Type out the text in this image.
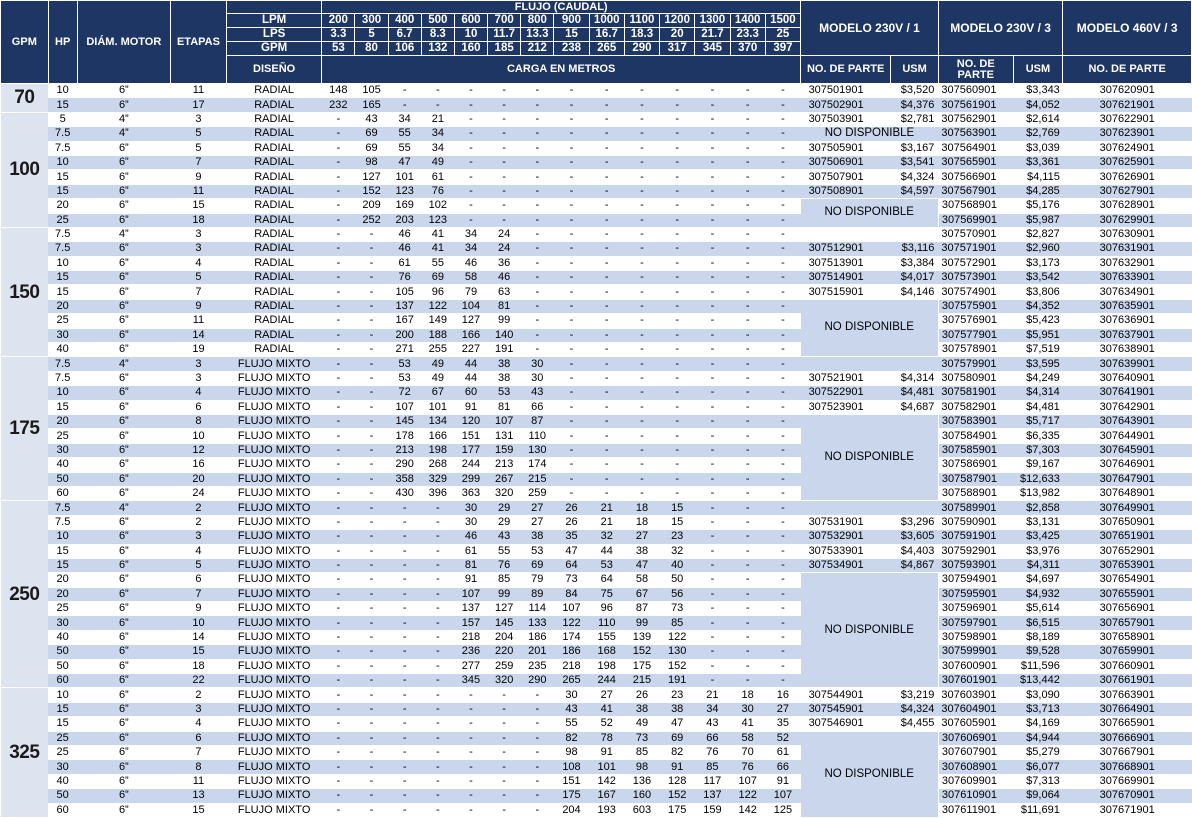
GPM	HP	DIÁM. MOTOR	ETAPAS		FLUJO (CAUDAL)														MODELO 230V / 1		MODELO 230V / 3		MODELO 460V / 3
				LPM	200	300	400	500	600	700	800	900	1000	1100	1200	1300	1400	1500					
				LPS	3.3	5	6.7	8.3	10	11.7	13.3	15	16.7	18.3	20	21.7	23.3	25					
				GPM	53	80	106	132	160	185	212	238	265	290	317	345	370	397					
				DISEÑO	CARGA EN METROS														NO. DE PARTE	USM	NO. DE PARTE	USM	NO. DE PARTE
70	10	6”	11	RADIAL	148	105	-	-	-	-	-	-	-	-	-	-	-	-	307501901	$3,520	307560901	$3,343	307620901
	15	6”	17	RADIAL	232	165	-	-	-	-	-	-	-	-	-	-	-	-	307502901	$4,376	307561901	$4,052	307621901
100	5	4”	3	RADIAL	-	43	34	21	-	-	-	-	-	-	-	-	-	-	307503901	$2,781	307562901	$2,614	307622901
	7.5	4”	5	RADIAL	-	69	55	34	-	-	-	-	-	-	-	-	-	-	NO DISPONIBLE		307563901	$2,769	307623901
	7.5	6”	5	RADIAL	-	69	55	34	-	-	-	-	-	-	-	-	-	-	307505901	$3,167	307564901	$3,039	307624901
	10	6”	7	RADIAL	-	98	47	49	-	-	-	-	-	-	-	-	-	-	307506901	$3,541	307565901	$3,361	307625901
	15	6”	9	RADIAL	-	127	101	61	-	-	-	-	-	-	-	-	-	-	307507901	$4,324	307566901	$4,115	307626901
	15	6”	11	RADIAL	-	152	123	76	-	-	-	-	-	-	-	-	-	-	307508901	$4,597	307567901	$4,285	307627901
	20	6”	15	RADIAL	-	209	169	102	-	-	-	-	-	-	-	-	-	-	NO DISPONIBLE		307568901	$5,176	307628901
	25	6”	18	RADIAL	-	252	203	123	-	-	-	-	-	-	-	-	-	-			307569901	$5,987	307629901
150	7.5	4”	3	RADIAL	-	-	46	41	34	24	-	-	-	-	-	-	-	-			307570901	$2,827	307630901
	7.5	6”	3	RADIAL	-	-	46	41	34	24	-	-	-	-	-	-	-	-	307512901	$3,116	307571901	$2,960	307631901
	10	6”	4	RADIAL	-	-	61	55	46	36	-	-	-	-	-	-	-	-	307513901	$3,384	307572901	$3,173	307632901
	15	6”	5	RADIAL	-	-	76	69	58	46	-	-	-	-	-	-	-	-	307514901	$4,017	307573901	$3,542	307633901
	15	6”	7	RADIAL	-	-	105	96	79	63	-	-	-	-	-	-	-	-	307515901	$4,146	307574901	$3,806	307634901
	20	6”	9	RADIAL	-	-	137	122	104	81	-	-	-	-	-	-	-	-	NO DISPONIBLE		307575901	$4,352	307635901
	25	6”	11	RADIAL	-	-	167	149	127	99	-	-	-	-	-	-	-	-			307576901	$5,423	307636901
	30	6”	14	RADIAL	-	-	200	188	166	140	-	-	-	-	-	-	-	-			307577901	$5,951	307637901
	40	6”	19	RADIAL	-	-	271	255	227	191	-	-	-	-	-	-	-	-			307578901	$7,519	307638901
175	7.5	4”	3	FLUJO MIXTO	-	-	53	49	44	38	30	-	-	-	-	-	-	-			307579901	$3,595	307639901
	7.5	6”	3	FLUJO MIXTO	-	-	53	49	44	38	30	-	-	-	-	-	-	-	307521901	$4,314	307580901	$4,249	307640901
	10	6”	4	FLUJO MIXTO	-	-	72	67	60	53	43	-	-	-	-	-	-	-	307522901	$4,481	307581901	$4,314	307641901
	15	6”	6	FLUJO MIXTO	-	-	107	101	91	81	66	-	-	-	-	-	-	-	307523901	$4,687	307582901	$4,481	307642901
	20	6”	8	FLUJO MIXTO	-	-	145	134	120	107	87	-	-	-	-	-	-	-	NO DISPONIBLE		307583901	$5,717	307643901
	25	6”	10	FLUJO MIXTO	-	-	178	166	151	131	110	-	-	-	-	-	-	-			307584901	$6,335	307644901
	30	6”	12	FLUJO MIXTO	-	-	213	198	177	159	130	-	-	-	-	-	-	-			307585901	$7,303	307645901
	40	6”	16	FLUJO MIXTO	-	-	290	268	244	213	174	-	-	-	-	-	-	-			307586901	$9,167	307646901
	50	6”	20	FLUJO MIXTO	-	-	358	329	299	267	215	-	-	-	-	-	-	-			307587901	$12,633	307647901
	60	6”	24	FLUJO MIXTO	-	-	430	396	363	320	259	-	-	-	-	-	-	-			307588901	$13,982	307648901
250	7.5	4”	2	FLUJO MIXTO	-	-	-	-	30	29	27	26	21	18	15	-	-	-			307589901	$2,858	307649901
	7.5	6”	2	FLUJO MIXTO	-	-	-	-	30	29	27	26	21	18	15	-	-	-	307531901	$3,296	307590901	$3,131	307650901
	10	6”	3	FLUJO MIXTO	-	-	-	-	46	43	38	35	32	27	23	-	-	-	307532901	$3,605	307591901	$3,425	307651901
	15	6”	4	FLUJO MIXTO	-	-	-	-	61	55	53	47	44	38	32	-	-	-	307533901	$4,403	307592901	$3,976	307652901
	15	6”	5	FLUJO MIXTO	-	-	-	-	81	76	69	64	53	47	40	-	-	-	307534901	$4,867	307593901	$4,311	307653901
	20	6”	6	FLUJO MIXTO	-	-	-	-	91	85	79	73	64	58	50	-	-	-	NO DISPONIBLE		307594901	$4,697	307654901
	20	6”	7	FLUJO MIXTO	-	-	-	-	107	99	89	84	75	67	56	-	-	-			307595901	$4,932	307655901
	25	6”	9	FLUJO MIXTO	-	-	-	-	137	127	114	107	96	87	73	-	-	-			307596901	$5,614	307656901
	30	6”	10	FLUJO MIXTO	-	-	-	-	157	145	133	122	110	99	85	-	-	-			307597901	$6,515	307657901
	40	6”	14	FLUJO MIXTO	-	-	-	-	218	204	186	174	155	139	122	-	-	-			307598901	$8,189	307658901
	50	6”	15	FLUJO MIXTO	-	-	-	-	236	220	201	186	168	152	130	-	-	-			307599901	$9,528	307659901
	50	6”	18	FLUJO MIXTO	-	-	-	-	277	259	235	218	198	175	152	-	-	-			307600901	$11,596	307660901
	60	6”	22	FLUJO MIXTO	-	-	-	-	345	320	290	265	244	215	191	-	-	-			307601901	$13,442	307661901
325	10	6”	2	FLUJO MIXTO	-	-	-	-	-	-	-	30	27	26	23	21	18	16	307544901	$3,219	307603901	$3,090	307663901
	15	6”	3	FLUJO MIXTO	-	-	-	-	-	-	-	43	41	38	38	34	30	27	307545901	$4,324	307604901	$3,713	307664901
	15	6”	4	FLUJO MIXTO	-	-	-	-	-	-	-	55	52	49	47	43	41	35	307546901	$4,455	307605901	$4,169	307665901
	25	6”	6	FLUJO MIXTO	-	-	-	-	-	-	-	82	78	73	69	66	58	52	NO DISPONIBLE		307606901	$4,944	307666901
	25	6”	7	FLUJO MIXTO	-	-	-	-	-	-	-	98	91	85	82	76	70	61			307607901	$5,279	307667901
	30	6”	8	FLUJO MIXTO	-	-	-	-	-	-	-	108	101	98	91	85	76	66			307608901	$6,077	307668901
	40	6”	11	FLUJO MIXTO	-	-	-	-	-	-	-	151	142	136	128	117	107	91			307609901	$7,313	307669901
	50	6”	13	FLUJO MIXTO	-	-	-	-	-	-	-	175	167	160	152	137	122	107			307610901	$9,064	307670901
	60	6”	15	FLUJO MIXTO	-	-	-	-	-	-	-	204	193	603	175	159	142	125			307611901	$11,691	307671901
